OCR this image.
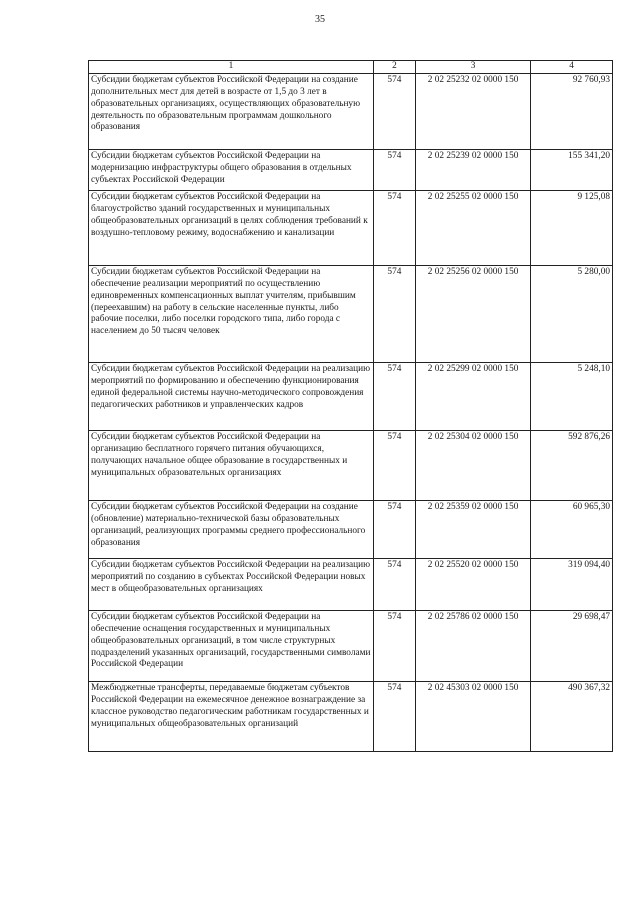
35
1	2	3	4
Субсидии бюджетам субъектов Российской Федерации на создание дополнительных мест для детей в возрасте от 1,5 до 3 лет в образовательных организациях, осуществляющих образовательную деятельность по образовательным программам дошкольного образования	574	2 02 25232 02 0000 150	92 760,93
Субсидии бюджетам субъектов Российской Федерации на модернизацию инфраструктуры общего образования в отдельных субъектах Российской Федерации	574	2 02 25239 02 0000 150	155 341,20
Субсидии бюджетам субъектов Российской Федерации на благоустройство зданий государственных и муниципальных общеобразовательных организаций в целях соблюдения требований к воздушно-тепловому режиму, водоснабжению и канализации	574	2 02 25255 02 0000 150	9 125,08
Субсидии бюджетам субъектов Российской Федерации на обеспечение реализации мероприятий по осуществлению единовременных компенсационных выплат учителям, прибывшим (переехавшим) на работу в сельские населенные пункты, либо рабочие поселки, либо поселки городского типа, либо города с населением до 50 тысяч человек	574	2 02 25256 02 0000 150	5 280,00
Субсидии бюджетам субъектов Российской Федерации на реализацию мероприятий по формированию и обеспечению функционирования единой федеральной системы научно-методического сопровождения педагогических работников и управленческих кадров	574	2 02 25299 02 0000 150	5 248,10
Субсидии бюджетам субъектов Российской Федерации на организацию бесплатного горячего питания обучающихся, получающих начальное общее образование в государственных и муниципальных образовательных организациях	574	2 02 25304 02 0000 150	592 876,26
Субсидии бюджетам субъектов Российской Федерации на создание (обновление) материально-технической базы образовательных организаций, реализующих программы среднего профессионального образования	574	2 02 25359 02 0000 150	60 965,30
Субсидии бюджетам субъектов Российской Федерации на реализацию мероприятий по созданию в субъектах Российской Федерации новых мест в общеобразовательных организациях	574	2 02 25520 02 0000 150	319 094,40
Субсидии бюджетам субъектов Российской Федерации на обеспечение оснащения государственных и муниципальных общеобразовательных организаций, в том числе структурных подразделений указанных организаций, государственными символами Российской Федерации	574	2 02 25786 02 0000 150	29 698,47
Межбюджетные трансферты, передаваемые бюджетам субъектов Российской Федерации на ежемесячное денежное вознаграждение за классное руководство педагогическим работникам государственных и муниципальных общеобразовательных организаций	574	2 02 45303 02 0000 150	490 367,32
